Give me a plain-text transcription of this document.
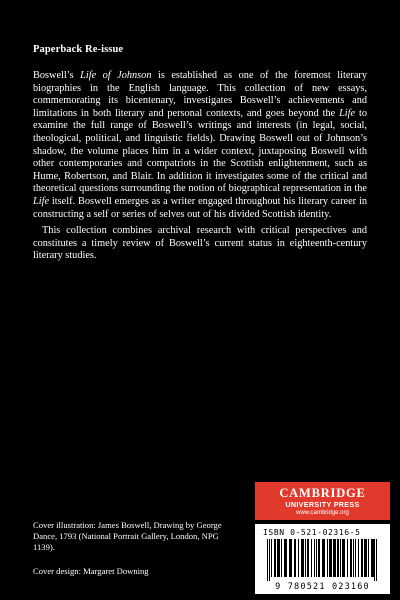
Paperback Re-issue

Boswell’s Life of Johnson is established as one of the foremost literary biographies in the English language. This collection of new essays, commemorating its bicentenary, investigates Boswell’s achievements and limitations in both literary and personal contexts, and goes beyond the Life to examine the full range of Boswell’s writings and interests (in legal, social, theological, political, and linguistic fields). Drawing Boswell out of Johnson’s shadow, the volume places him in a wider context, juxtaposing Boswell with other contemporaries and compatriots in the Scottish enlightenment, such as Hume, Robertson, and Blair. In addition it investigates some of the critical and theoretical questions surrounding the notion of biographical representation in the Life itself. Boswell emerges as a writer engaged throughout his literary career in constructing a self or series of selves out of his divided Scottish identity.

This collection combines archival research with critical perspectives and constitutes a timely review of Boswell’s current status in eighteenth-century literary studies.

Cover illustration: James Boswell, Drawing by George Dance, 1793 (National Portrait Gallery, London, NPG 1139).
Cover design: Margaret Downing
CAMBRIDGE
UNIVERSITY PRESS
www.cambridge.org
ISBN 0-521-02316-5
9 780521 023160
